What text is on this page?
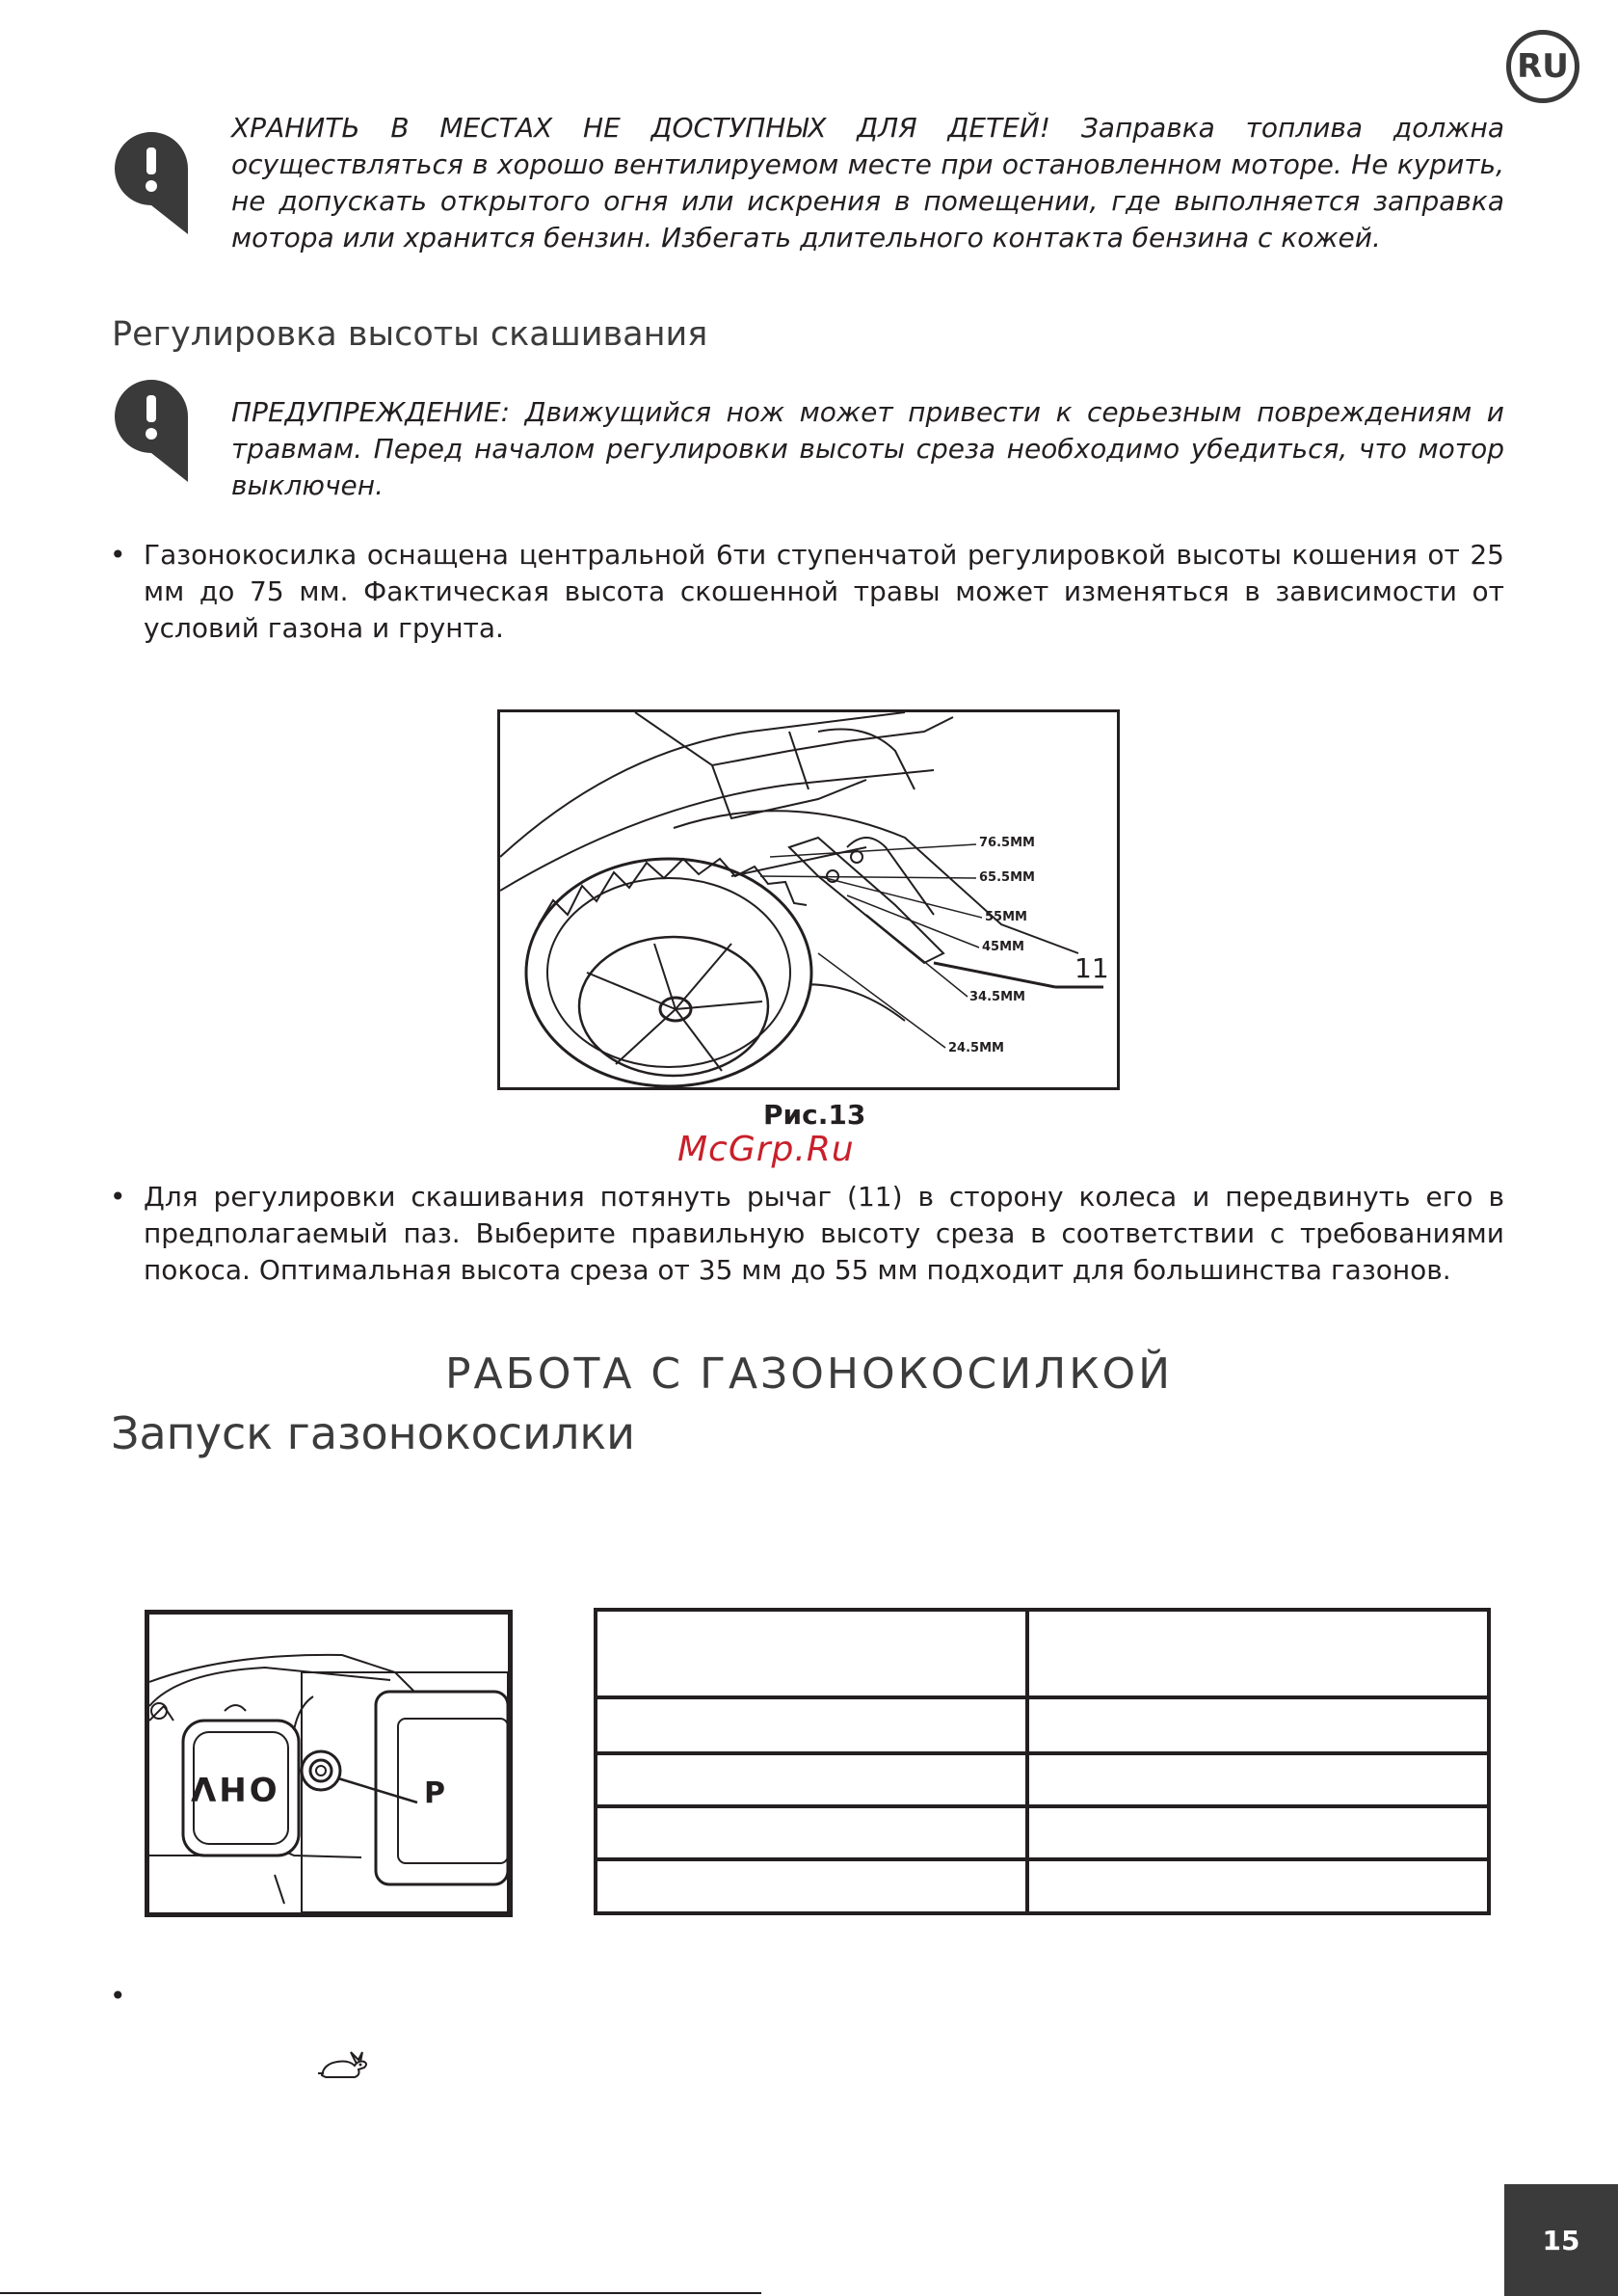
RU
ХРАНИТЬ В МЕСТАХ НЕ ДОСТУПНЫХ ДЛЯ ДЕТЕЙ! Заправка топлива должна осуществляться в хорошо вентилируемом месте при остановленном моторе. Не курить, не допускать открытого огня или искрения в помещении, где выполняется заправка мотора или хранится бензин. Избегать длительного контакта бензина с кожей.
Регулировка высоты скашивания
ПРЕДУПРЕЖДЕНИЕ: Движущийся нож может привести к серьезным повреждениям и травмам. Перед началом регулировки высоты среза необходимо убедиться, что мотор выключен.
• Газонокосилка оснащена центральной 6ти ступенчатой регулировкой высоты кошения от 25 мм до 75 мм. Фактическая высота скошенной травы может изменяться в зависимости от условий газона и грунта.
76.5MM
65.5MM
55MM
45MM
34.5MM
24.5MM
11
Рис.13
McGrp.Ru
• Для регулировки скашивания потянуть рычаг (11) в сторону колеса и передвинуть его в предполагаемый паз. Выберите правильную высоту среза в соответствии с требованиями покоса. Оптимальная высота среза от 35 мм до 55 мм подходит для большинства газонов.
РАБОТА С ГАЗОНОКОСИЛКОЙ
Запуск газонокосилки
OHV	P

•
15
